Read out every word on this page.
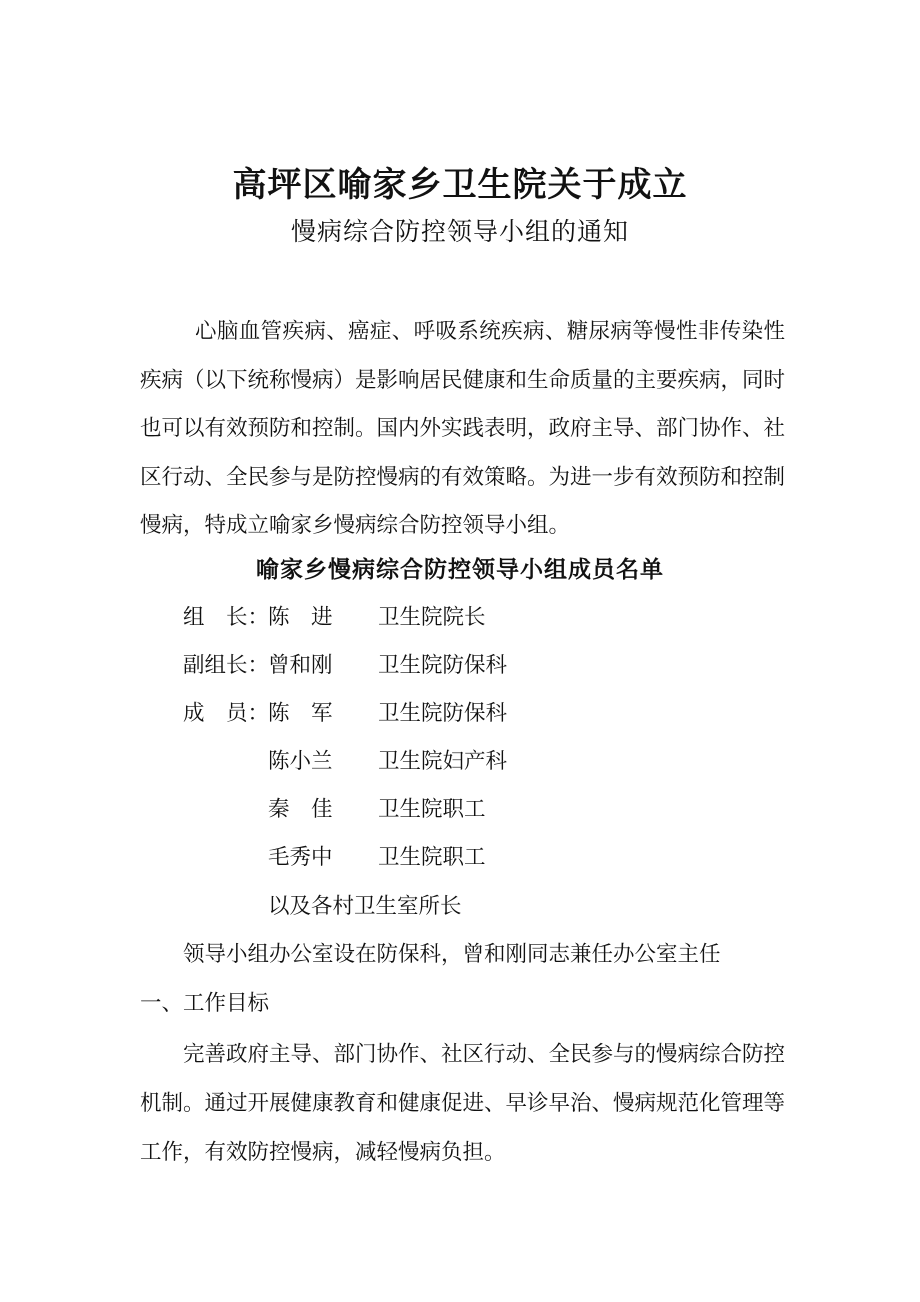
高坪区喻家乡卫生院关于成立
慢病综合防控领导小组的通知
心脑血管疾病、癌症、呼吸系统疾病、糖尿病等慢性非传染性疾病（以下统称慢病）是影响居民健康和生命质量的主要疾病，同时也可以有效预防和控制。国内外实践表明，政府主导、部门协作、社区行动、全民参与是防控慢病的有效策略。为进一步有效预防和控制慢病，特成立喻家乡慢病综合防控领导小组。
喻家乡慢病综合防控领导小组成员名单
组　长：
陈　进	卫生院院长
副组长：
曾和刚	卫生院防保科
成　员：
陈　军	卫生院防保科
陈小兰	卫生院妇产科
秦　佳	卫生院职工
毛秀中	卫生院职工
以及各村卫生室所长
领导小组办公室设在防保科，曾和刚同志兼任办公室主任
一、工作目标
完善政府主导、部门协作、社区行动、全民参与的慢病综合防控机制。通过开展健康教育和健康促进、早诊早治、慢病规范化管理等工作，有效防控慢病，减轻慢病负担。
